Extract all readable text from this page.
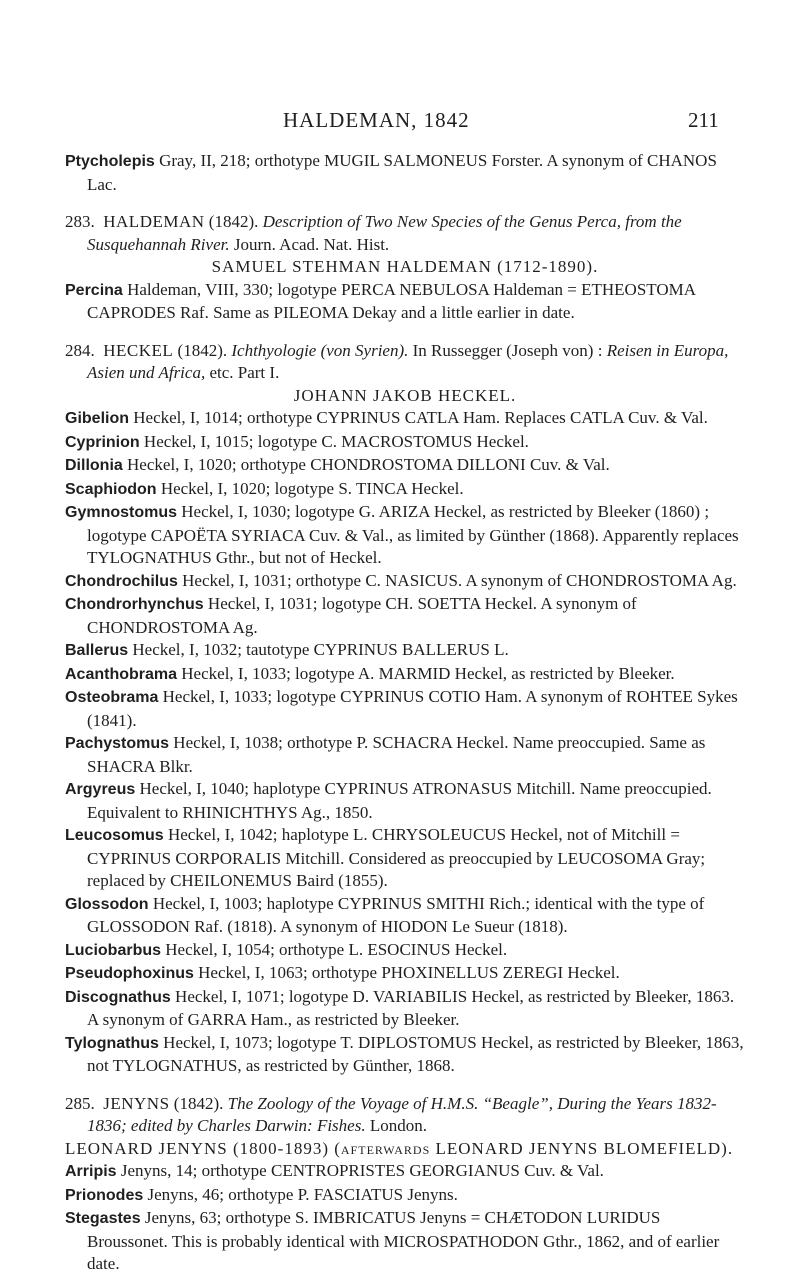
HALDEMAN, 1842	211

Ptycholepis Gray, II, 218; orthotype MUGIL SALMONEUS Forster. A synonym of CHANOS Lac.

283. HALDEMAN (1842). Description of Two New Species of the Genus Perca, from the Susquehannah River. Journ. Acad. Nat. Hist.

SAMUEL STEHMAN HALDEMAN (1712-1890).

Percina Haldeman, VIII, 330; logotype PERCA NEBULOSA Haldeman = ETHEOSTOMA CAPRODES Raf. Same as PILEOMA Dekay and a little earlier in date.

284. HECKEL (1842). Ichthyologie (von Syrien). In Russegger (Joseph von) : Reisen in Europa, Asien und Africa, etc. Part I.

JOHANN JAKOB HECKEL.

Gibelion Heckel, I, 1014; orthotype CYPRINUS CATLA Ham. Replaces CATLA Cuv. & Val.

Cyprinion Heckel, I, 1015; logotype C. MACROSTOMUS Heckel.

Dillonia Heckel, I, 1020; orthotype CHONDROSTOMA DILLONI Cuv. & Val.

Scaphiodon Heckel, I, 1020; logotype S. TINCA Heckel.

Gymnostomus Heckel, I, 1030; logotype G. ARIZA Heckel, as restricted by Bleeker (1860) ; logotype CAPOËTA SYRIACA Cuv. & Val., as limited by Günther (1868). Apparently replaces TYLOGNATHUS Gthr., but not of Heckel.

Chondrochilus Heckel, I, 1031; orthotype C. NASICUS. A synonym of CHONDROSTOMA Ag.

Chondrorhynchus Heckel, I, 1031; logotype CH. SOETTA Heckel. A synonym of CHONDROSTOMA Ag.

Ballerus Heckel, I, 1032; tautotype CYPRINUS BALLERUS L.

Acanthobrama Heckel, I, 1033; logotype A. MARMID Heckel, as restricted by Bleeker.

Osteobrama Heckel, I, 1033; logotype CYPRINUS COTIO Ham. A synonym of ROHTEE Sykes (1841).

Pachystomus Heckel, I, 1038; orthotype P. SCHACRA Heckel. Name preoccupied. Same as SHACRA Blkr.

Argyreus Heckel, I, 1040; haplotype CYPRINUS ATRONASUS Mitchill. Name preoccupied. Equivalent to RHINICHTHYS Ag., 1850.

Leucosomus Heckel, I, 1042; haplotype L. CHRYSOLEUCUS Heckel, not of Mitchill = CYPRINUS CORPORALIS Mitchill. Considered as preoccupied by LEUCOSOMA Gray; replaced by CHEILONEMUS Baird (1855).

Glossodon Heckel, I, 1003; haplotype CYPRINUS SMITHI Rich.; identical with the type of GLOSSODON Raf. (1818). A synonym of HIODON Le Sueur (1818).

Luciobarbus Heckel, I, 1054; orthotype L. ESOCINUS Heckel.

Pseudophoxinus Heckel, I, 1063; orthotype PHOXINELLUS ZEREGI Heckel.

Discognathus Heckel, I, 1071; logotype D. VARIABILIS Heckel, as restricted by Bleeker, 1863. A synonym of GARRA Ham., as restricted by Bleeker.

Tylognathus Heckel, I, 1073; logotype T. DIPLOSTOMUS Heckel, as restricted by Bleeker, 1863, not TYLOGNATHUS, as restricted by Günther, 1868.

285. JENYNS (1842). The Zoology of the Voyage of H.M.S. “Beagle”, During the Years 1832-1836; edited by Charles Darwin: Fishes. London.

LEONARD JENYNS (1800-1893) (afterwards LEONARD JENYNS BLOMEFIELD).

Arripis Jenyns, 14; orthotype CENTROPRISTES GEORGIANUS Cuv. & Val.

Prionodes Jenyns, 46; orthotype P. FASCIATUS Jenyns.

Stegastes Jenyns, 63; orthotype S. IMBRICATUS Jenyns = CHÆTODON LURIDUS Broussonet. This is probably identical with MICROSPATHODON Gthr., 1862, and of earlier date.
